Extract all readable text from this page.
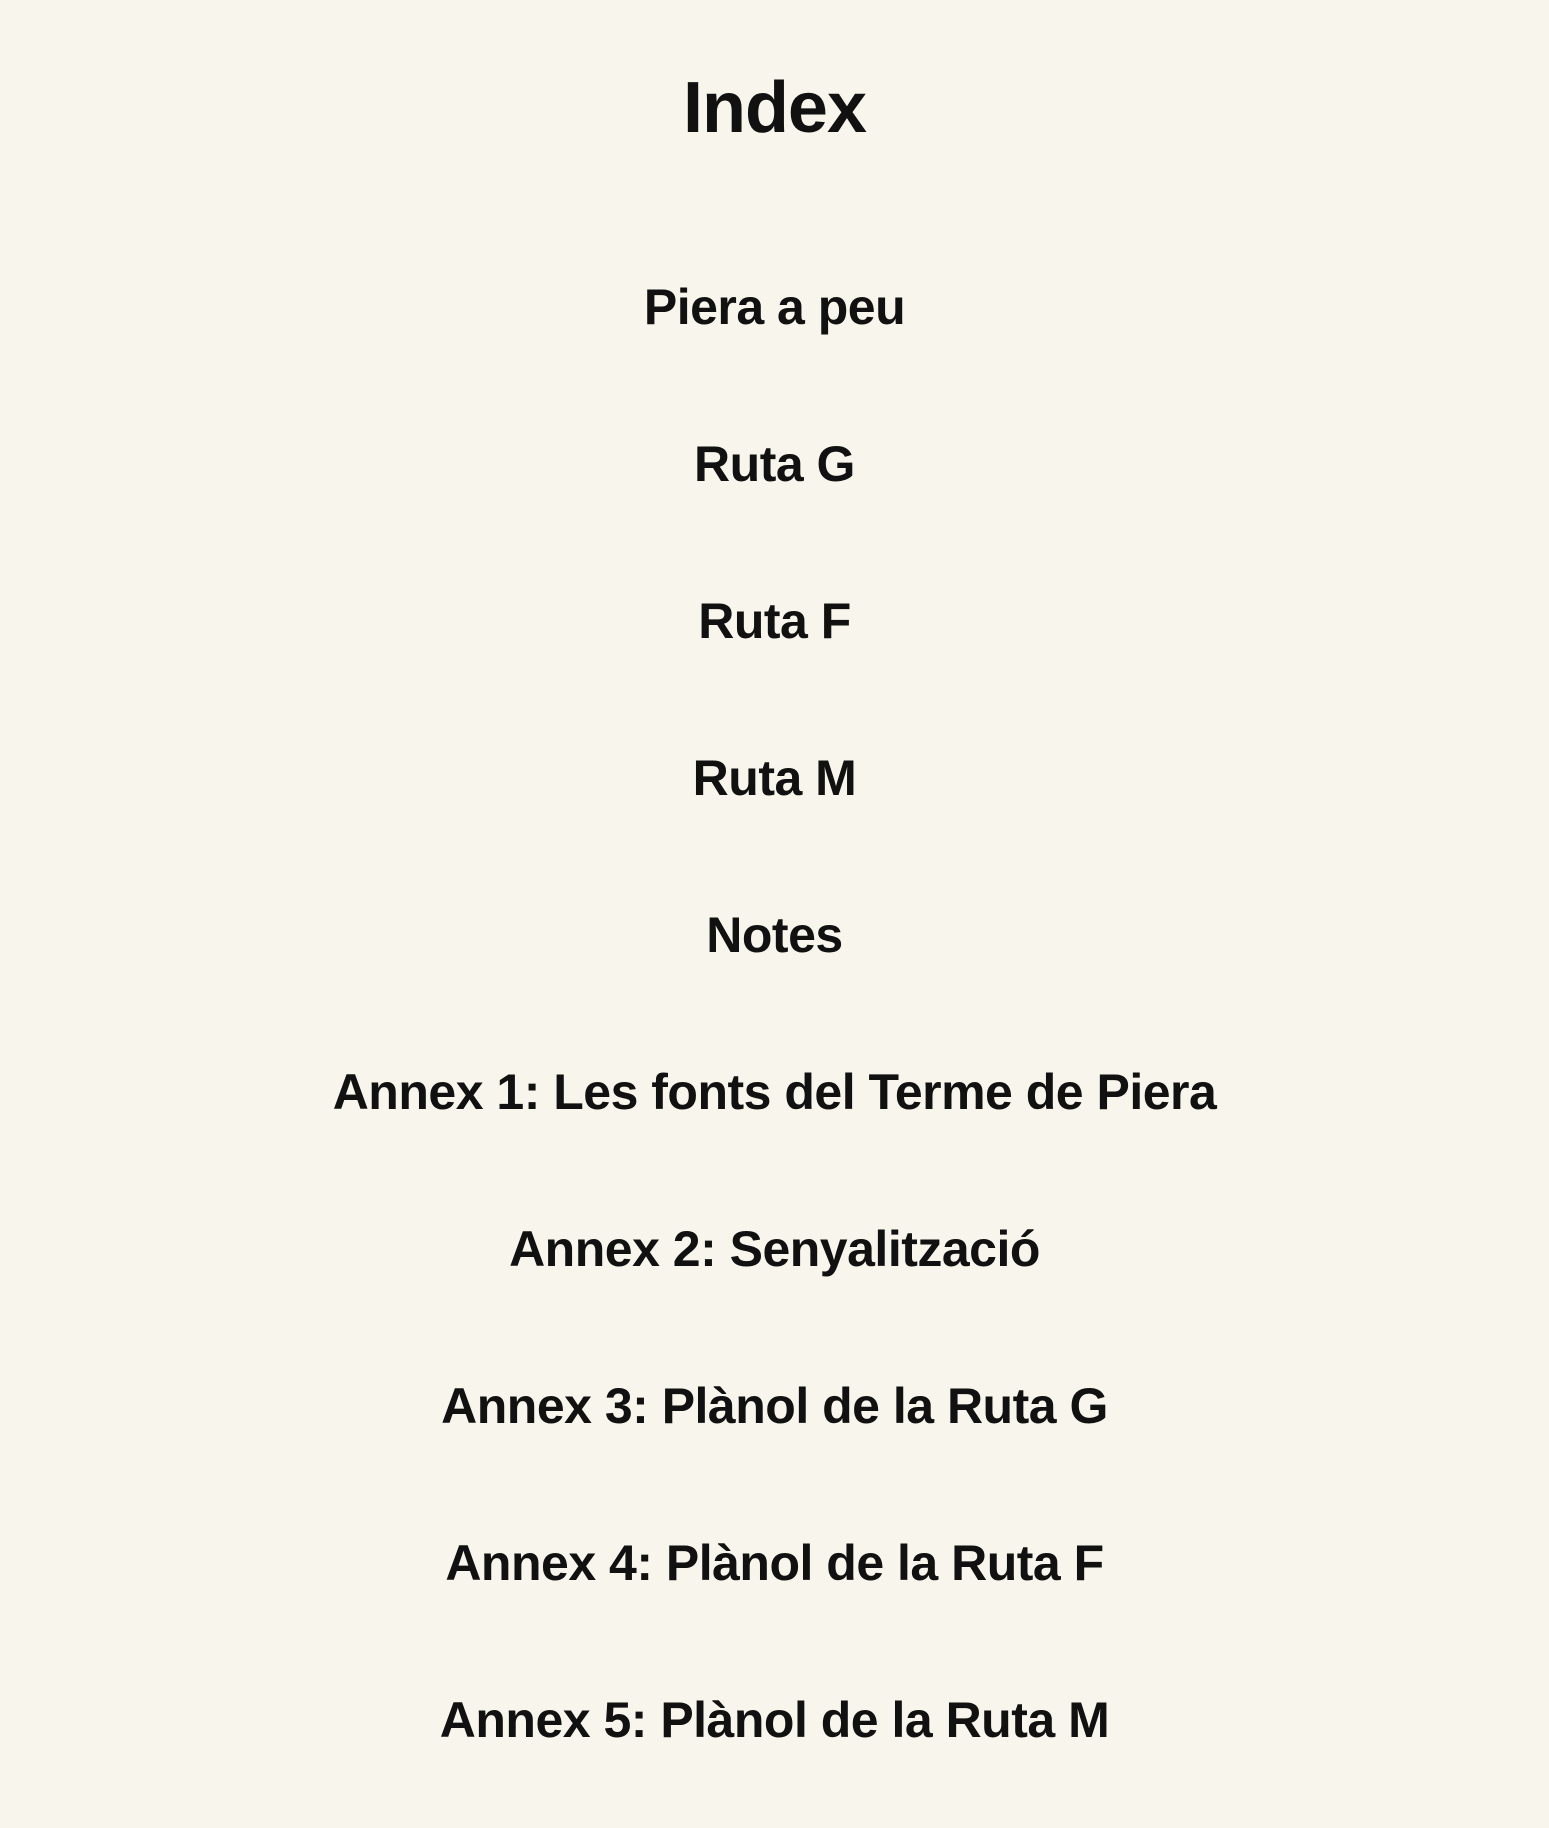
Index
Piera a peu
Ruta G
Ruta F
Ruta M
Notes
Annex 1: Les fonts del Terme de Piera
Annex 2: Senyalització
Annex 3: Plànol de la Ruta G
Annex 4: Plànol de la Ruta F
Annex 5: Plànol de la Ruta M
